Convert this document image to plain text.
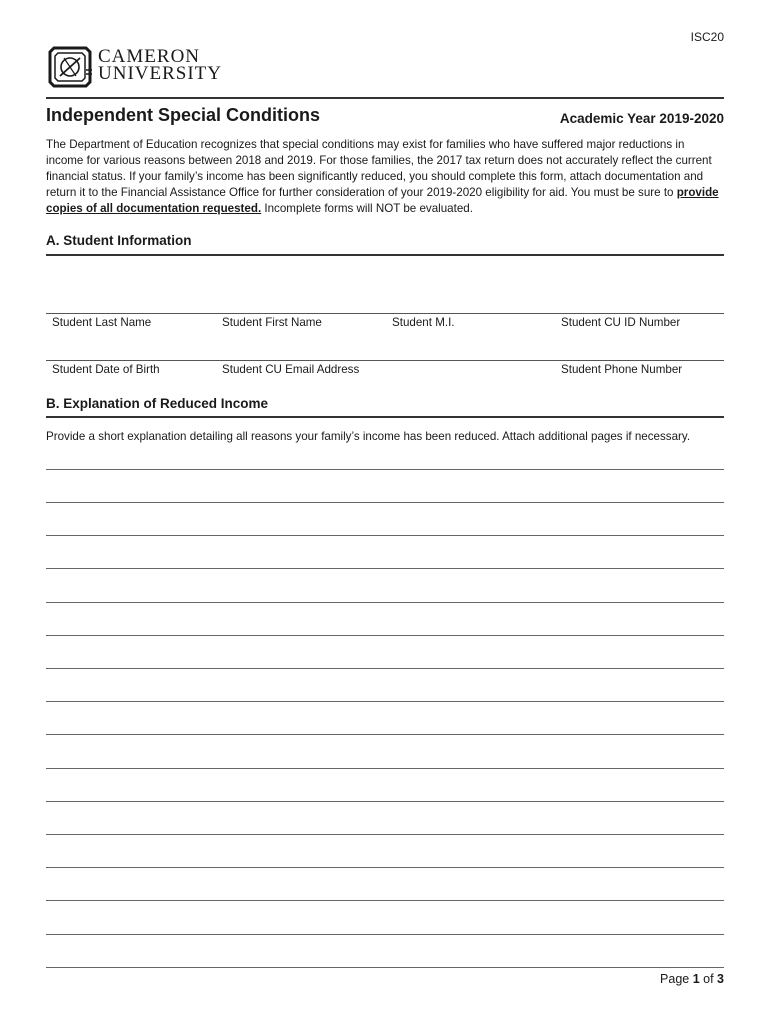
ISC20
CAMERON
UNIVERSITY
Independent Special Conditions	Academic Year 2019-2020
The Department of Education recognizes that special conditions may exist for families who have suffered major reductions in income for various reasons between 2018 and 2019. For those families, the 2017 tax return does not accurately reflect the current financial status. If your family’s income has been significantly reduced, you should complete this form, attach documentation and return it to the Financial Assistance Office for further consideration of your 2019-2020 eligibility for aid. You must be sure to provide copies of all documentation requested. Incomplete forms will NOT be evaluated.
A. Student Information
Student Last Name	Student First Name	Student M.I.	Student CU ID Number
Student Date of Birth	Student CU Email Address	Student Phone Number
B. Explanation of Reduced Income
Provide a short explanation detailing all reasons your family’s income has been reduced. Attach additional pages if necessary.
Page 1 of 3
